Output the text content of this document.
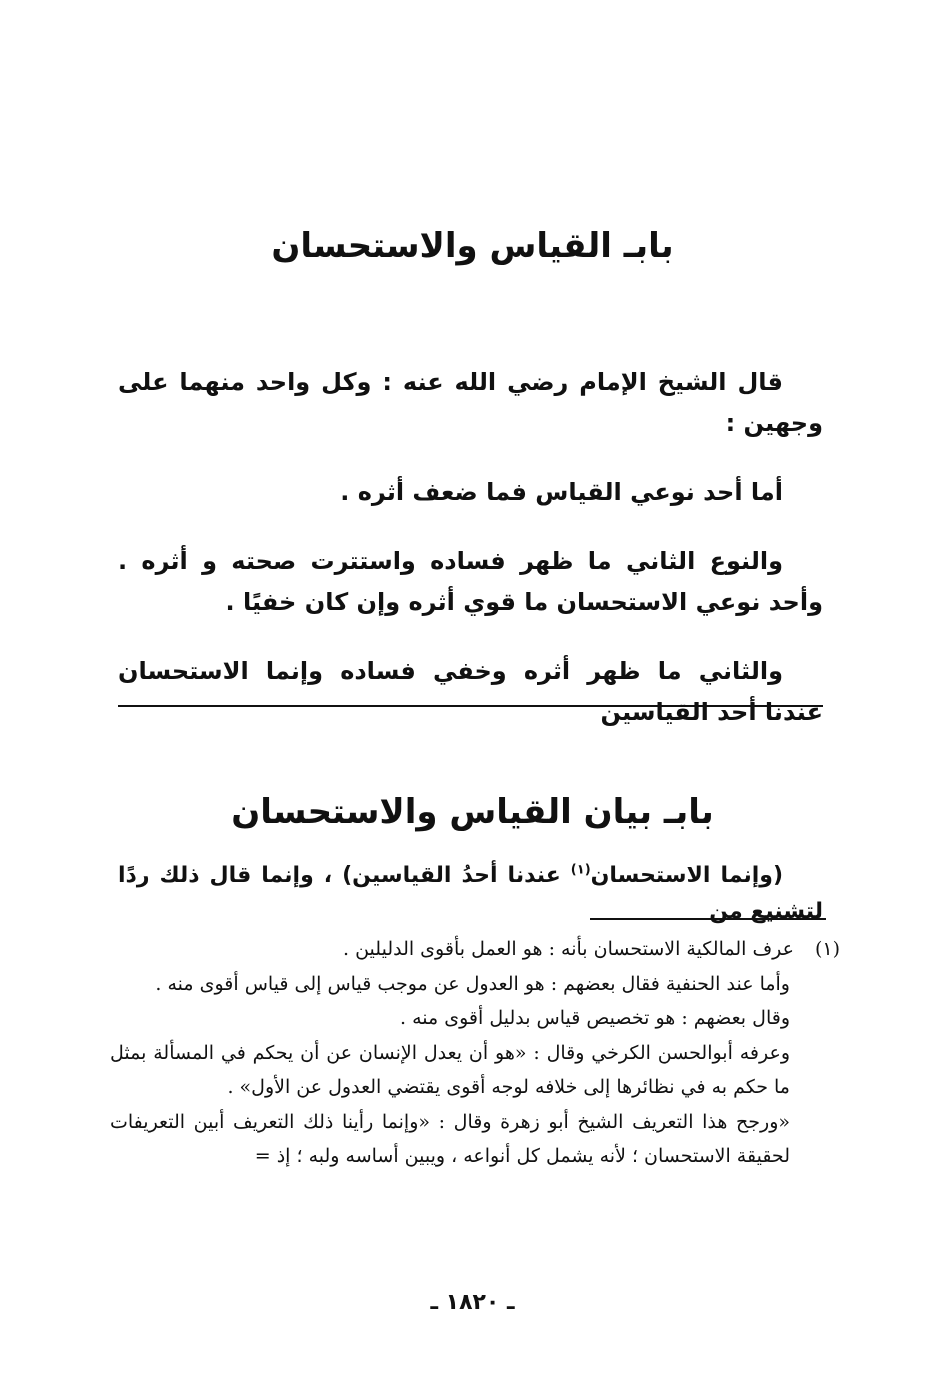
بابـ القياس والاستحسان

قال الشيخ الإمام رضي الله عنه : وكل واحد منهما على وجهين :

أما أحد نوعي القياس فما ضعف أثره .

والنوع الثاني ما ظهر فساده واستترت صحته و أثره . وأحد نوعي الاستحسان ما قوي أثره وإن كان خفيًا .

والثاني ما ظهر أثره وخفي فساده وإنما الاستحسان عندنا أحد القياسين

بابـ بيان القياس والاستحسان
(وإنما الاستحسان$^{(١)}$ عندنا أحدُ القياسين) ، وإنما قال ذلك ردًا لتشنيع من

(١)عرف المالكية الاستحسان بأنه : هو العمل بأقوى الدليلين .

وأما عند الحنفية فقال بعضهم : هو العدول عن موجب قياس إلى قياس أقوى منه .

وقال بعضهم : هو تخصيص قياس بدليل أقوى منه .

وعرفه أبوالحسن الكرخي وقال : «هو أن يعدل الإنسان عن أن يحكم في المسألة بمثل ما حكم به في نظائرها إلى خلافه لوجه أقوى يقتضي العدول عن الأول» .

«ورجح هذا التعريف الشيخ أبو زهرة وقال : «وإنما رأينا ذلك التعريف أبين التعريفات لحقيقة الاستحسان ؛ لأنه يشمل كل أنواعه ، ويبين أساسه ولبه ؛ إذ =

ـ ١٨٢٠ ـ
